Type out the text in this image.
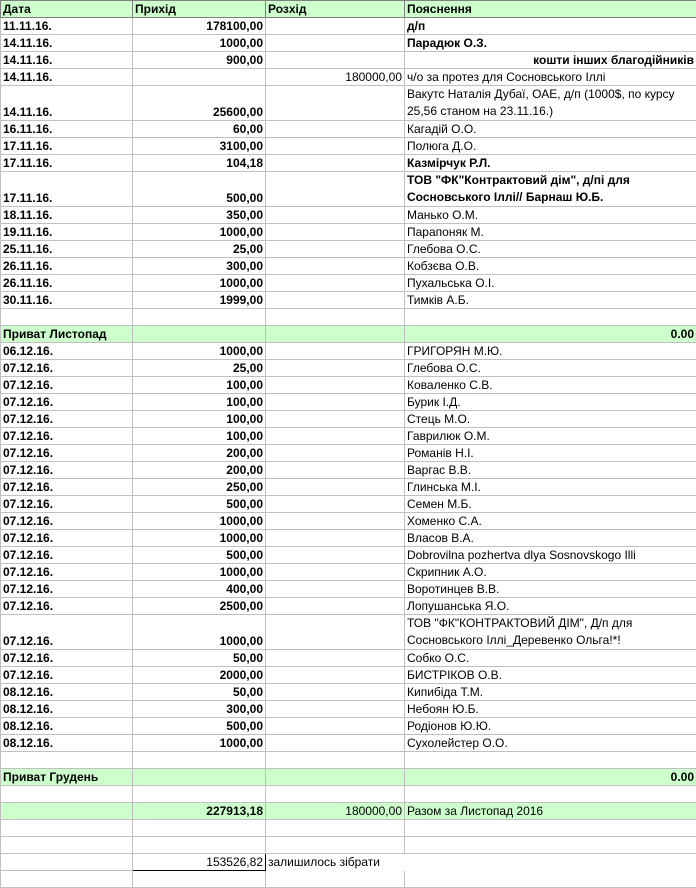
Дата	Прихід	Розхід	Пояснення
11.11.16.	178100,00		д/п
14.11.16.	1000,00		Парадюк О.З.
14.11.16.	900,00		кошти інших благодійників
14.11.16.		180000,00	ч/о за протез для Сосновського Іллі
14.11.16.	25600,00		Вакутс Наталія Дубаї, ОАЕ, д/п (1000$, по курсу 25,56 станом на 23.11.16.)
16.11.16.	60,00		Кагадій О.О.
17.11.16.	3100,00		Полюга Д.О.
17.11.16.	104,18		Казмірчук Р.Л.
17.11.16.	500,00		ТОВ "ФК"Контрактовий дім", д/пі для Сосновського Іллі// Барнаш Ю.Б.
18.11.16.	350,00		Манько О.М.
19.11.16.	1000,00		Парапоняк М.
25.11.16.	25,00		Глебова О.С.
26.11.16.	300,00		Кобзєва О.В.
26.11.16.	1000,00		Пухальська О.І.
30.11.16.	1999,00		Тимків А.Б.

Приват Листопад			0.00
06.12.16.	1000,00		ГРИГОРЯН М.Ю.
07.12.16.	25,00		Глебова О.С.
07.12.16.	100,00		Коваленко С.В.
07.12.16.	100,00		Бурик І.Д.
07.12.16.	100,00		Стець М.О.
07.12.16.	100,00		Гаврилюк О.М.
07.12.16.	200,00		Романів Н.І.
07.12.16.	200,00		Варгас В.В.
07.12.16.	250,00		Глинська М.І.
07.12.16.	500,00		Семен М.Б.
07.12.16.	1000,00		Хоменко С.А.
07.12.16.	1000,00		Власов В.А.
07.12.16.	500,00		Dobrovilna pozhertva dlya Sosnovskogo Illi
07.12.16.	1000,00		Скрипник А.О.
07.12.16.	400,00		Воротинцев В.В.
07.12.16.	2500,00		Лопушанська Я.О.
07.12.16.	1000,00		ТОВ "ФК"КОНТРАКТОВИЙ ДІМ", Д/п для Сосновського Іллі_Деревенко Ольга!*!
07.12.16.	50,00		Собко О.С.
07.12.16.	2000,00		БИСТРІКОВ О.В.
08.12.16.	50,00		Кипибіда Т.М.
08.12.16.	300,00		Небоян Ю.Б.
08.12.16.	500,00		Родіонов Ю.Ю.
08.12.16.	1000,00		Сухолейстер О.О.

Приват Грудень			0.00

	227913,18	180000,00	Разом за Листопад 2016

	153526,82	залишилось зібрати	
